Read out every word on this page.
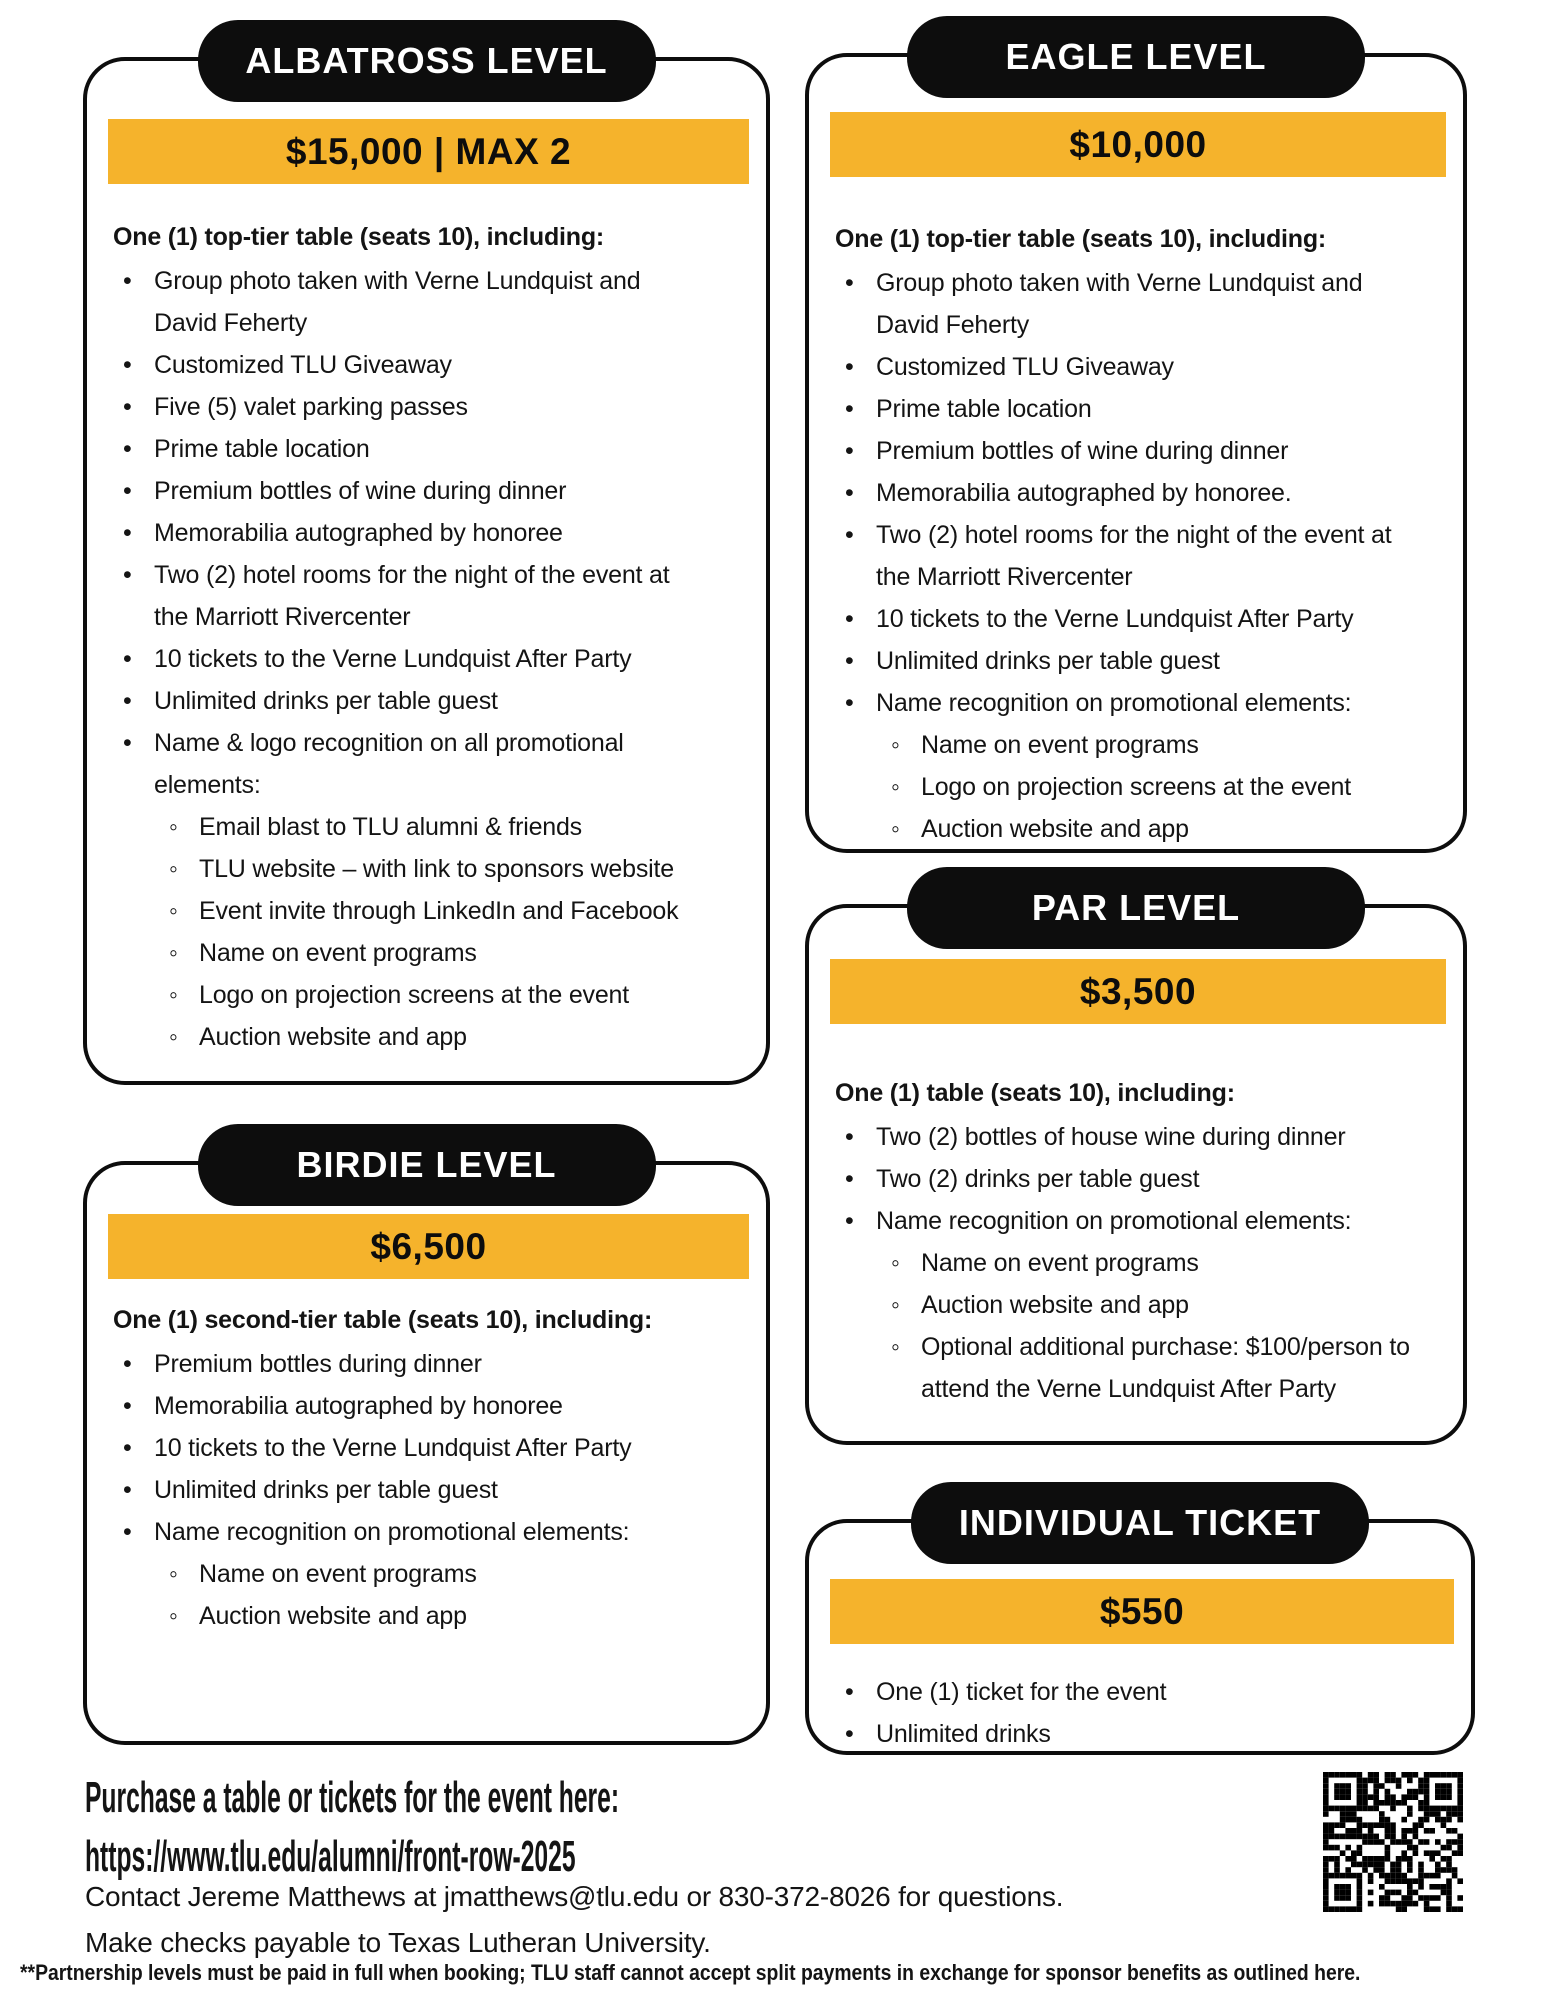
ALBATROSS LEVEL
$15,000 | MAX 2

One (1) top-tier table (seats 10), including:

• Group photo taken with Verne Lundquist and
David Feherty
• Customized TLU Giveaway
• Five (5) valet parking passes
• Prime table location
• Premium bottles of wine during dinner
• Memorabilia autographed by honoree
• Two (2) hotel rooms for the night of the event at
the Marriott Rivercenter
• 10 tickets to the Verne Lundquist After Party
• Unlimited drinks per table guest
• Name & logo recognition on all promotional
elements:
◦ Email blast to TLU alumni & friends
◦ TLU website – with link to sponsors website
◦ Event invite through LinkedIn and Facebook
◦ Name on event programs
◦ Logo on projection screens at the event
◦ Auction website and app
EAGLE LEVEL
$10,000

One (1) top-tier table (seats 10), including:

• Group photo taken with Verne Lundquist and
David Feherty
• Customized TLU Giveaway
• Prime table location
• Premium bottles of wine during dinner
• Memorabilia autographed by honoree.
• Two (2) hotel rooms for the night of the event at
the Marriott Rivercenter
• 10 tickets to the Verne Lundquist After Party
• Unlimited drinks per table guest
• Name recognition on promotional elements:
◦ Name on event programs
◦ Logo on projection screens at the event
◦ Auction website and app
BIRDIE LEVEL
$6,500

One (1) second-tier table (seats 10), including:

• Premium bottles during dinner
• Memorabilia autographed by honoree
• 10 tickets to the Verne Lundquist After Party
• Unlimited drinks per table guest
• Name recognition on promotional elements:
◦ Name on event programs
◦ Auction website and app
PAR LEVEL
$3,500

One (1) table (seats 10), including:

• Two (2) bottles of house wine during dinner
• Two (2) drinks per table guest
• Name recognition on promotional elements:
◦ Name on event programs
◦ Auction website and app
◦ Optional additional purchase: $100/person to
attend the Verne Lundquist After Party
INDIVIDUAL TICKET
$550
• One (1) ticket for the event
• Unlimited drinks
Purchase a table or tickets for the event here:
https://www.tlu.edu/alumni/front-row-2025
Contact Jereme Matthews at jmatthews@tlu.edu or 830-372-8026 for questions.
Make checks payable to Texas Lutheran University.
**Partnership levels must be paid in full when booking; TLU staff cannot accept split payments in exchange for sponsor benefits as outlined here.
